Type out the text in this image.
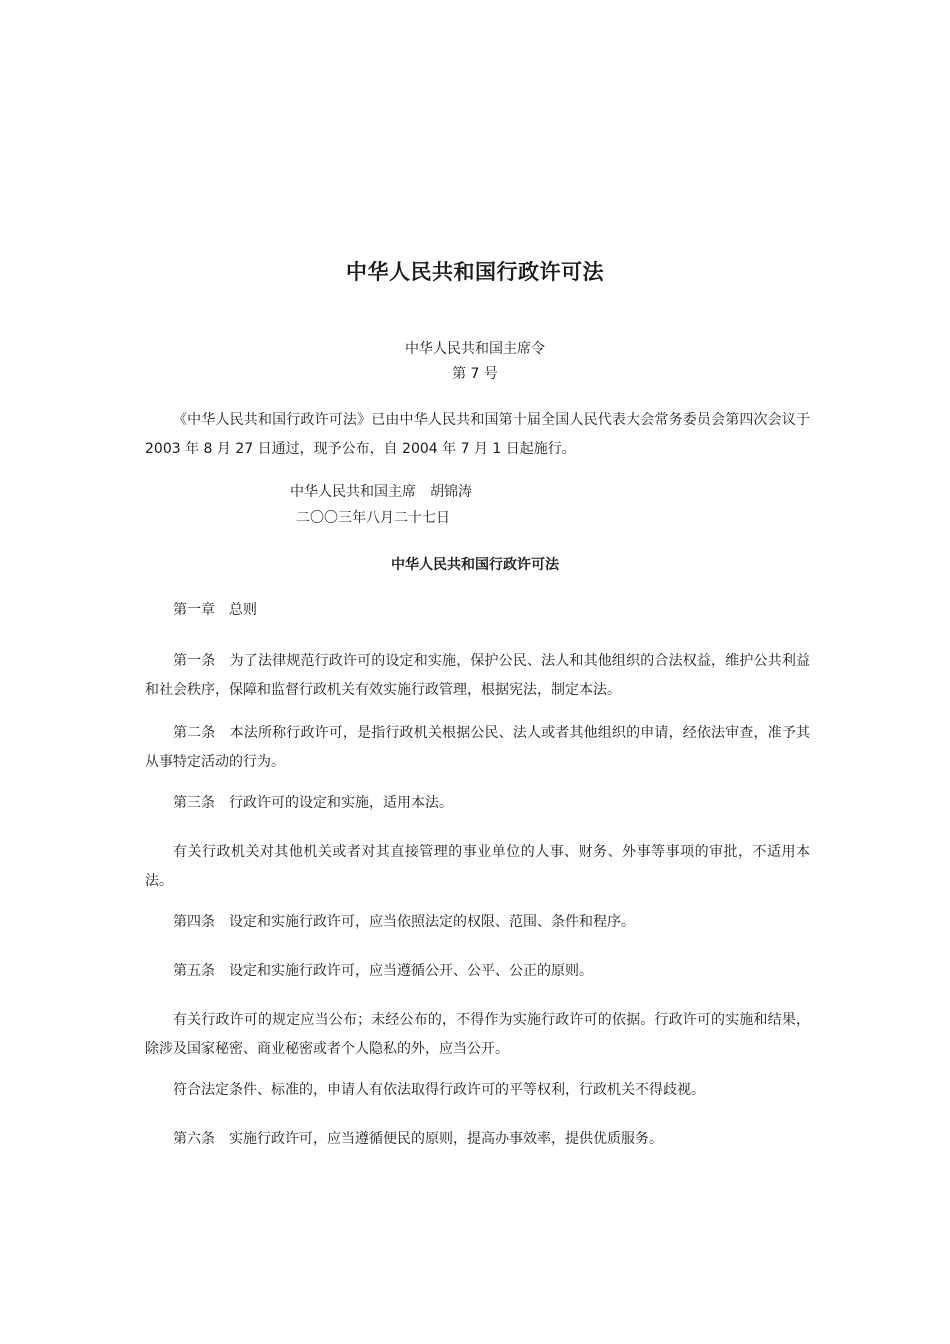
中华人民共和国行政许可法
中华人民共和国主席令
第 7 号
《中华人民共和国行政许可法》已由中华人民共和国第十届全国人民代表大会常务委员会第四次会议于 2003 年 8 月 27 日通过，现予公布，自 2004 年 7 月 1 日起施行。
中华人民共和国主席 胡锦涛
二〇〇三年八月二十七日
中华人民共和国行政许可法
第一章 总则
第一条 为了法律规范行政许可的设定和实施，保护公民、法人和其他组织的合法权益，维护公共利益和社会秩序，保障和监督行政机关有效实施行政管理，根据宪法，制定本法。
第二条 本法所称行政许可，是指行政机关根据公民、法人或者其他组织的申请，经依法审查，准予其从事特定活动的行为。
第三条 行政许可的设定和实施，适用本法。
有关行政机关对其他机关或者对其直接管理的事业单位的人事、财务、外事等事项的审批，不适用本法。
第四条 设定和实施行政许可，应当依照法定的权限、范围、条件和程序。
第五条 设定和实施行政许可，应当遵循公开、公平、公正的原则。
有关行政许可的规定应当公布；未经公布的，不得作为实施行政许可的依据。行政许可的实施和结果，除涉及国家秘密、商业秘密或者个人隐私的外，应当公开。
符合法定条件、标准的，申请人有依法取得行政许可的平等权利，行政机关不得歧视。
第六条 实施行政许可，应当遵循便民的原则，提高办事效率，提供优质服务。
